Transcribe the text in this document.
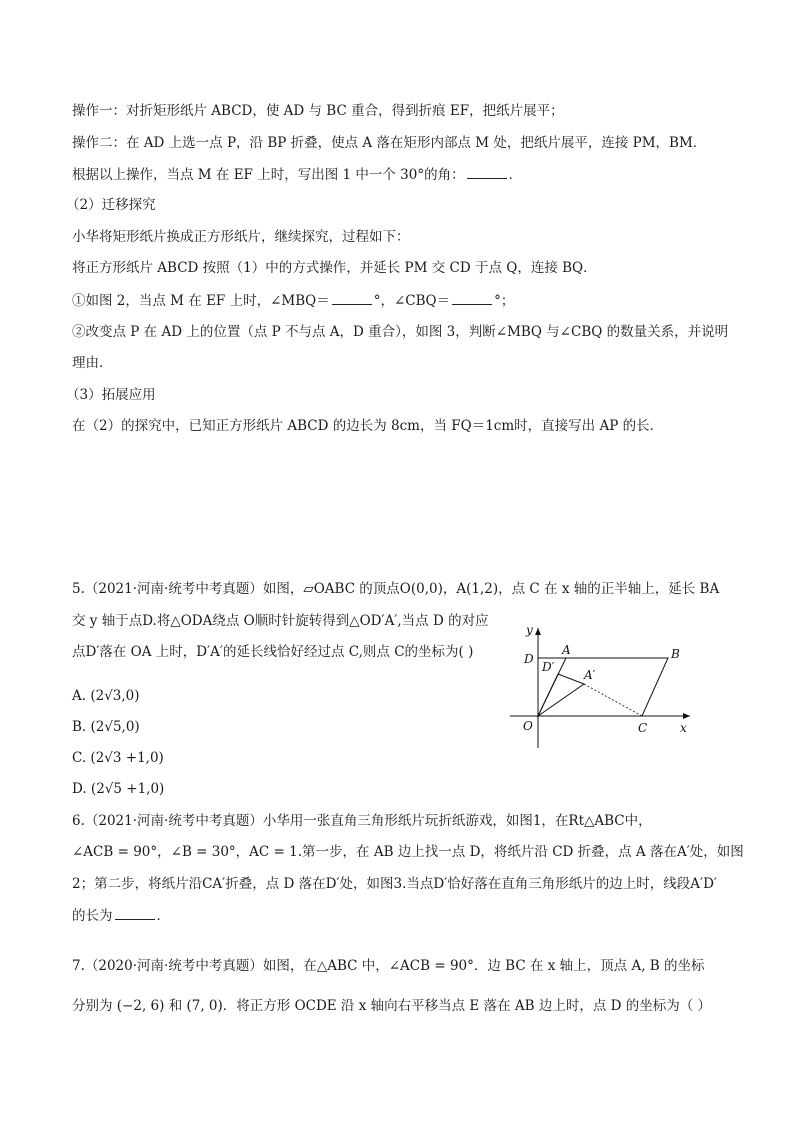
操作一：对折矩形纸片 ABCD，使 AD 与 BC 重合，得到折痕 EF，把纸片展平；
操作二：在 AD 上选一点 P，沿 BP 折叠，使点 A 落在矩形内部点 M 处，把纸片展平，连接 PM，BM．
根据以上操作，当点 M 在 EF 上时，写出图 1 中一个 30°的角：	．
（2）迁移探究
小华将矩形纸片换成正方形纸片，继续探究，过程如下：
将正方形纸片 ABCD 按照（1）中的方式操作，并延长 PM 交 CD 于点 Q，连接 BQ．
①如图 2，当点 M 在 EF 上时，∠MBQ＝	°，∠CBQ＝	°；
②改变点 P 在 AD 上的位置（点 P 不与点 A，D 重合），如图 3，判断∠MBQ 与∠CBQ 的数量关系，并说明
理由．
（3）拓展应用
在（2）的探究中，已知正方形纸片 ABCD 的边长为 8cm，当 FQ＝1cm时，直接写出 AP 的长．
5.（2021·河南·统考中考真题）如图，▱OABC 的顶点O(0,0)，A(1,2)，点 C 在 x 轴的正半轴上，延长 BA
交 y 轴于点D.将△ODA绕点 O顺时针旋转得到△OD′A′,当点 D 的对应
点D′落在 OA 上时，D′A′的延长线恰好经过点 C,则点 C的坐标为( )
A. (2√3,0)
B. (2√5,0)
C. (2√3 +1,0)
D. (2√5 +1,0)
y
x
O
A	B
C
D
D′
A′
6.（2021·河南·统考中考真题）小华用一张直角三角形纸片玩折纸游戏，如图1，在Rt△ABC中，
∠ACB = 90°，∠B = 30°，AC = 1.第一步，在 AB 边上找一点 D，将纸片沿 CD 折叠，点 A 落在A′处，如图
2；第二步，将纸片沿CA′折叠，点 D 落在D′处，如图3.当点D′恰好落在直角三角形纸片的边上时，线段A′D′
的长为	．
7.（2020·河南·统考中考真题）如图，在△ABC 中，∠ACB = 90°．边 BC 在 x 轴上，顶点 A, B 的坐标
分别为 (−2, 6) 和 (7, 0)．将正方形 OCDE 沿 x 轴向右平移当点 E 落在 AB 边上时，点 D 的坐标为（ ）
